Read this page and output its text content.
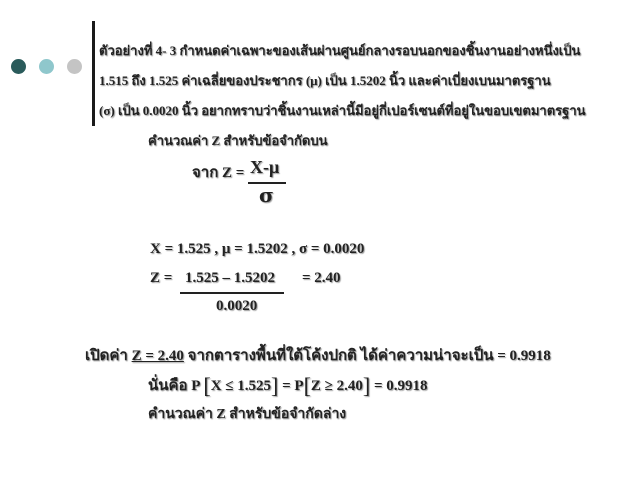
ตัวอย่างที่ 4- 3 กำหนดค่าเฉพาะของเส้นผ่านศูนย์กลางรอบนอกของชิ้นงานอย่างหนึ่งเป็น
1.515 ถึง 1.525 ค่าเฉลี่ยของประชากร (μ) เป็น 1.5202 นิ้ว และค่าเบี่ยงเบนมาตรฐาน
(σ) เป็น 0.0020 นิ้ว อยากทราบว่าชิ้นงานเหล่านี้มีอยู่กี่เปอร์เซนต์ที่อยู่ในขอบเขตมาตรฐาน
คำนวณค่า Z สำหรับข้อจำกัดบน
จาก Z = X-μ
σ
X = 1.525 , μ = 1.5202 , σ = 0.0020
Z = 1.525 – 1.5202 = 2.40
0.0020
เปิดค่า Z = 2.40 จากตารางพื้นที่ใต้โค้งปกติ ได้ค่าความน่าจะเป็น = 0.9918
นั่นคือ P [X ≤ 1.525] = P[Z ≥ 2.40] = 0.9918
คำนวณค่า Z สำหรับข้อจำกัดล่าง
